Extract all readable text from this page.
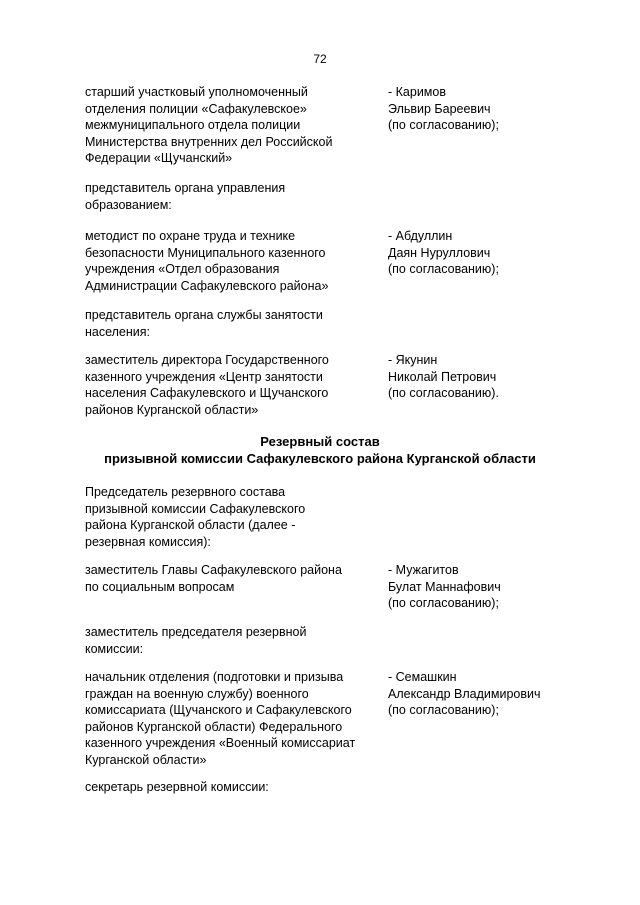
72
старший участковый уполномоченный
отделения полиции «Сафакулевское»
межмуниципального отдела полиции
Министерства внутренних дел Российской
Федерации «Щучанский»
- Каримов
Эльвир Бареевич
(по согласованию);
представитель органа управления
образованием:
методист по охране труда и технике
безопасности Муниципального казенного
учреждения «Отдел образования
Администрации Сафакулевского района»
- Абдуллин
Даян Нуруллович
(по согласованию);
представитель органа службы занятости
населения:
заместитель директора Государственного
казенного учреждения «Центр занятости
населения Сафакулевского и Щучанского
районов Курганской области»
- Якунин
Николай Петрович
(по согласованию).
Резервный состав
призывной комиссии Сафакулевского района Курганской области
Председатель резервного состава
призывной комиссии Сафакулевского
района Курганской области (далее -
резервная комиссия):
заместитель Главы Сафакулевского района
по социальным вопросам
- Мужагитов
Булат Маннафович
(по согласованию);
заместитель председателя резервной
комиссии:
начальник отделения (подготовки и призыва
граждан на военную службу) военного
комиссариата (Щучанского и Сафакулевского
районов Курганской области) Федерального
казенного учреждения «Военный комиссариат
Курганской области»
- Семашкин
Александр Владимирович
(по согласованию);
секретарь резервной комиссии:
